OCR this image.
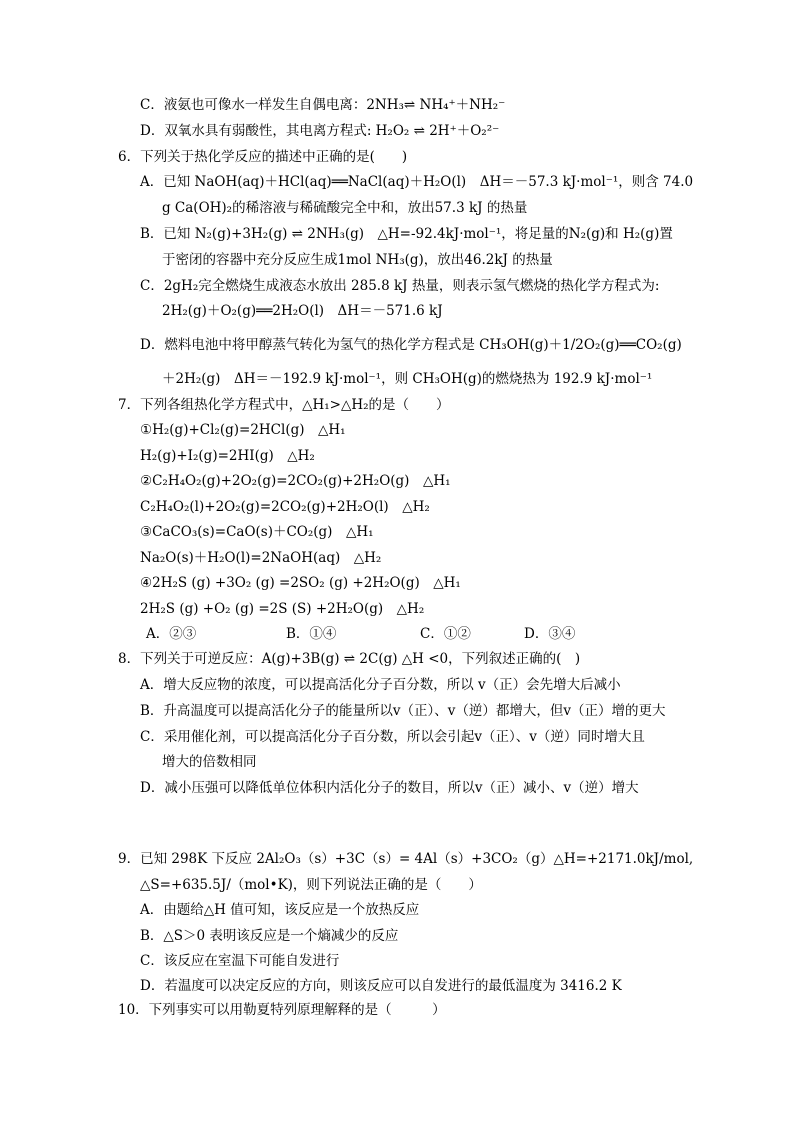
C．液氨也可像水一样发生自偶电离：2NH₃⇌ NH₄⁺＋NH₂⁻
D．双氧水具有弱酸性，其电离方程式: H₂O₂ ⇌ 2H⁺＋O₂²⁻
6．下列关于热化学反应的描述中正确的是(　　)
A．已知 NaOH(aq)＋HCl(aq)══NaCl(aq)＋H₂O(l)　ΔH＝－57.3 kJ·mol⁻¹，则含 74.0
g Ca(OH)₂的稀溶液与稀硫酸完全中和，放出57.3 kJ 的热量
B．已知 N₂(g)+3H₂(g) ⇌ 2NH₃(g)　△H=-92.4kJ·mol⁻¹，将足量的N₂(g)和 H₂(g)置
于密闭的容器中充分反应生成1mol NH₃(g)，放出46.2kJ 的热量
C．2gH₂完全燃烧生成液态水放出 285.8 kJ 热量，则表示氢气燃烧的热化学方程式为:
2H₂(g)＋O₂(g)══2H₂O(l)　ΔH＝－571.6 kJ
D．燃料电池中将甲醇蒸气转化为氢气的热化学方程式是 CH₃OH(g)＋1/2O₂(g)══CO₂(g)
＋2H₂(g)　ΔH＝－192.9 kJ·mol⁻¹，则 CH₃OH(g)的燃烧热为 192.9 kJ·mol⁻¹
7．下列各组热化学方程式中，△H₁>△H₂的是（　　）
①H₂(g)+Cl₂(g)=2HCl(g)　△H₁
H₂(g)+I₂(g)=2HI(g)　△H₂
②C₂H₄O₂(g)+2O₂(g)=2CO₂(g)+2H₂O(g)　△H₁
C₂H₄O₂(l)+2O₂(g)=2CO₂(g)+2H₂O(l)　△H₂
③CaCO₃(s)=CaO(s)＋CO₂(g)　△H₁
Na₂O(s)＋H₂O(l)=2NaOH(aq)　△H₂
④2H₂S (g) +3O₂ (g) =2SO₂ (g) +2H₂O(g)　△H₁
2H₂S (g) +O₂ (g) =2S (S) +2H₂O(g)　△H₂
A．②③	B．①④	C．①②	D．③④
8．下列关于可逆反应：A(g)+3B(g) ⇌ 2C(g) △H <0，下列叙述正确的(　)
A．增大反应物的浓度，可以提高活化分子百分数，所以 v（正）会先增大后减小
B．升高温度可以提高活化分子的能量所以v（正）、v（逆）都增大，但v（正）增的更大
C．采用催化剂，可以提高活化分子百分数，所以会引起v（正）、v（逆）同时增大且
增大的倍数相同
D．减小压强可以降低单位体积内活化分子的数目，所以v（正）减小、v（逆）增大
9．已知 298K 下反应 2Al₂O₃（s）+3C（s）= 4Al（s）+3CO₂（g）△H=+2171.0kJ/mol,
△S=+635.5J/（mol•K)，则下列说法正确的是（　　）
A．由题给△H 值可知，该反应是一个放热反应
B．△S＞0 表明该反应是一个熵减少的反应
C．该反应在室温下可能自发进行
D．若温度可以决定反应的方向，则该反应可以自发进行的最低温度为 3416.2 K
10．下列事实可以用勒夏特列原理解释的是（　　　）
